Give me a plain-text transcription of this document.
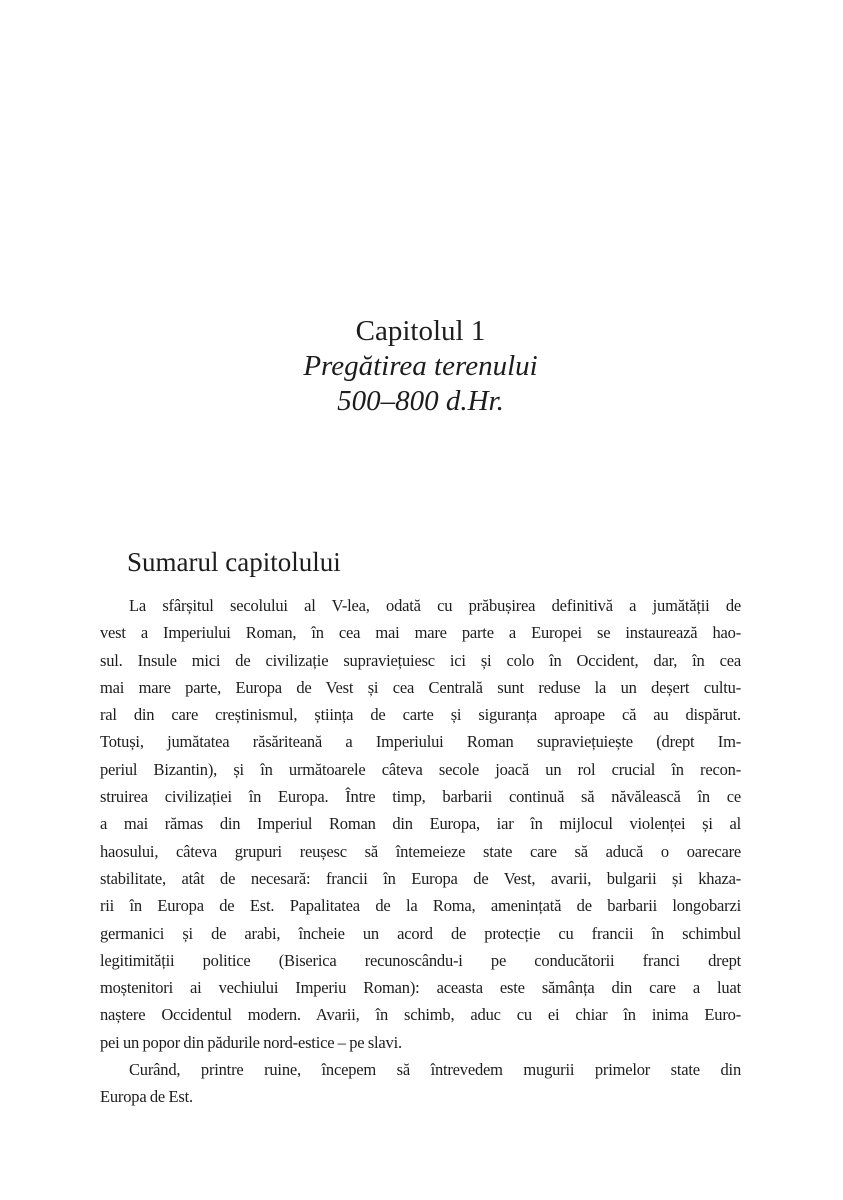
Capitolul 1
Pregătirea terenului
500–800 d.Hr.
Sumarul capitolului
La sfârșitul secolului al V-lea, odată cu prăbușirea definitivă a jumătății de
vest a Imperiului Roman, în cea mai mare parte a Europei se instaurează hao-
sul. Insule mici de civilizație supraviețuiesc ici și colo în Occident, dar, în cea
mai mare parte, Europa de Vest și cea Centrală sunt reduse la un deșert cultu-
ral din care creștinismul, știința de carte și siguranța aproape că au dispărut.
Totuși, jumătatea răsăriteană a Imperiului Roman supraviețuiește (drept Im-
periul Bizantin), și în următoarele câteva secole joacă un rol crucial în recon-
struirea civilizației în Europa. Între timp, barbarii continuă să năvălească în ce
a mai rămas din Imperiul Roman din Europa, iar în mijlocul violenței și al
haosului, câteva grupuri reușesc să întemeieze state care să aducă o oarecare
stabilitate, atât de necesară: francii în Europa de Vest, avarii, bulgarii și khaza-
rii în Europa de Est. Papalitatea de la Roma, amenințată de barbarii longobarzi
germanici și de arabi, încheie un acord de protecție cu francii în schimbul
legitimității politice (Biserica recunoscându-i pe conducătorii franci drept
moștenitori ai vechiului Imperiu Roman): aceasta este sămânța din care a luat
naștere Occidentul modern. Avarii, în schimb, aduc cu ei chiar în inima Euro-
pei un popor din pădurile nord-estice – pe slavi.
Curând, printre ruine, începem să întrevedem mugurii primelor state din
Europa de Est.
